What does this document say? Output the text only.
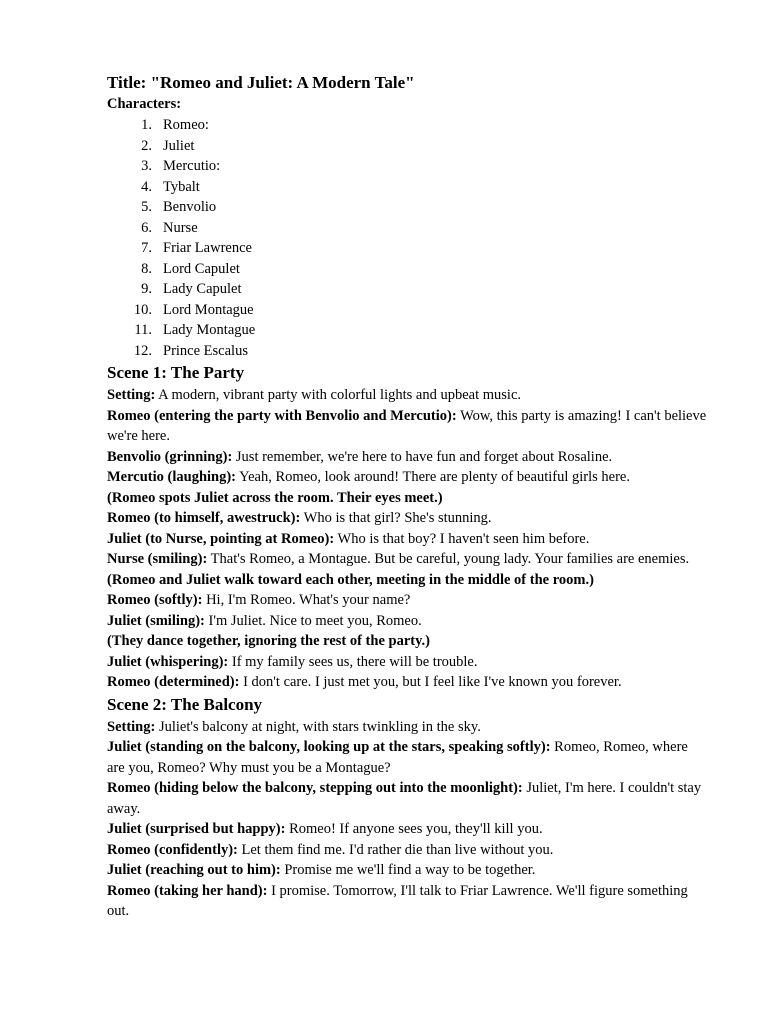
Title: "Romeo and Juliet: A Modern Tale"

Characters:

1. Romeo:
2. Juliet
3. Mercutio:
4. Tybalt
5. Benvolio
6. Nurse
7. Friar Lawrence
8. Lord Capulet
9. Lady Capulet
10. Lord Montague
11. Lady Montague
12. Prince Escalus

Scene 1: The Party

Setting: A modern, vibrant party with colorful lights and upbeat music.

Romeo (entering the party with Benvolio and Mercutio): Wow, this party is amazing! I can't believe we're here.

Benvolio (grinning): Just remember, we're here to have fun and forget about Rosaline.

Mercutio (laughing): Yeah, Romeo, look around! There are plenty of beautiful girls here.

(Romeo spots Juliet across the room. Their eyes meet.)

Romeo (to himself, awestruck): Who is that girl? She's stunning.

Juliet (to Nurse, pointing at Romeo): Who is that boy? I haven't seen him before.

Nurse (smiling): That's Romeo, a Montague. But be careful, young lady. Your families are enemies.

(Romeo and Juliet walk toward each other, meeting in the middle of the room.)

Romeo (softly): Hi, I'm Romeo. What's your name?

Juliet (smiling): I'm Juliet. Nice to meet you, Romeo.

(They dance together, ignoring the rest of the party.)

Juliet (whispering): If my family sees us, there will be trouble.

Romeo (determined): I don't care. I just met you, but I feel like I've known you forever.

Scene 2: The Balcony

Setting: Juliet's balcony at night, with stars twinkling in the sky.

Juliet (standing on the balcony, looking up at the stars, speaking softly): Romeo, Romeo, where are you, Romeo? Why must you be a Montague?

Romeo (hiding below the balcony, stepping out into the moonlight): Juliet, I'm here. I couldn't stay away.

Juliet (surprised but happy): Romeo! If anyone sees you, they'll kill you.

Romeo (confidently): Let them find me. I'd rather die than live without you.

Juliet (reaching out to him): Promise me we'll find a way to be together.

Romeo (taking her hand): I promise. Tomorrow, I'll talk to Friar Lawrence. We'll figure something out.
